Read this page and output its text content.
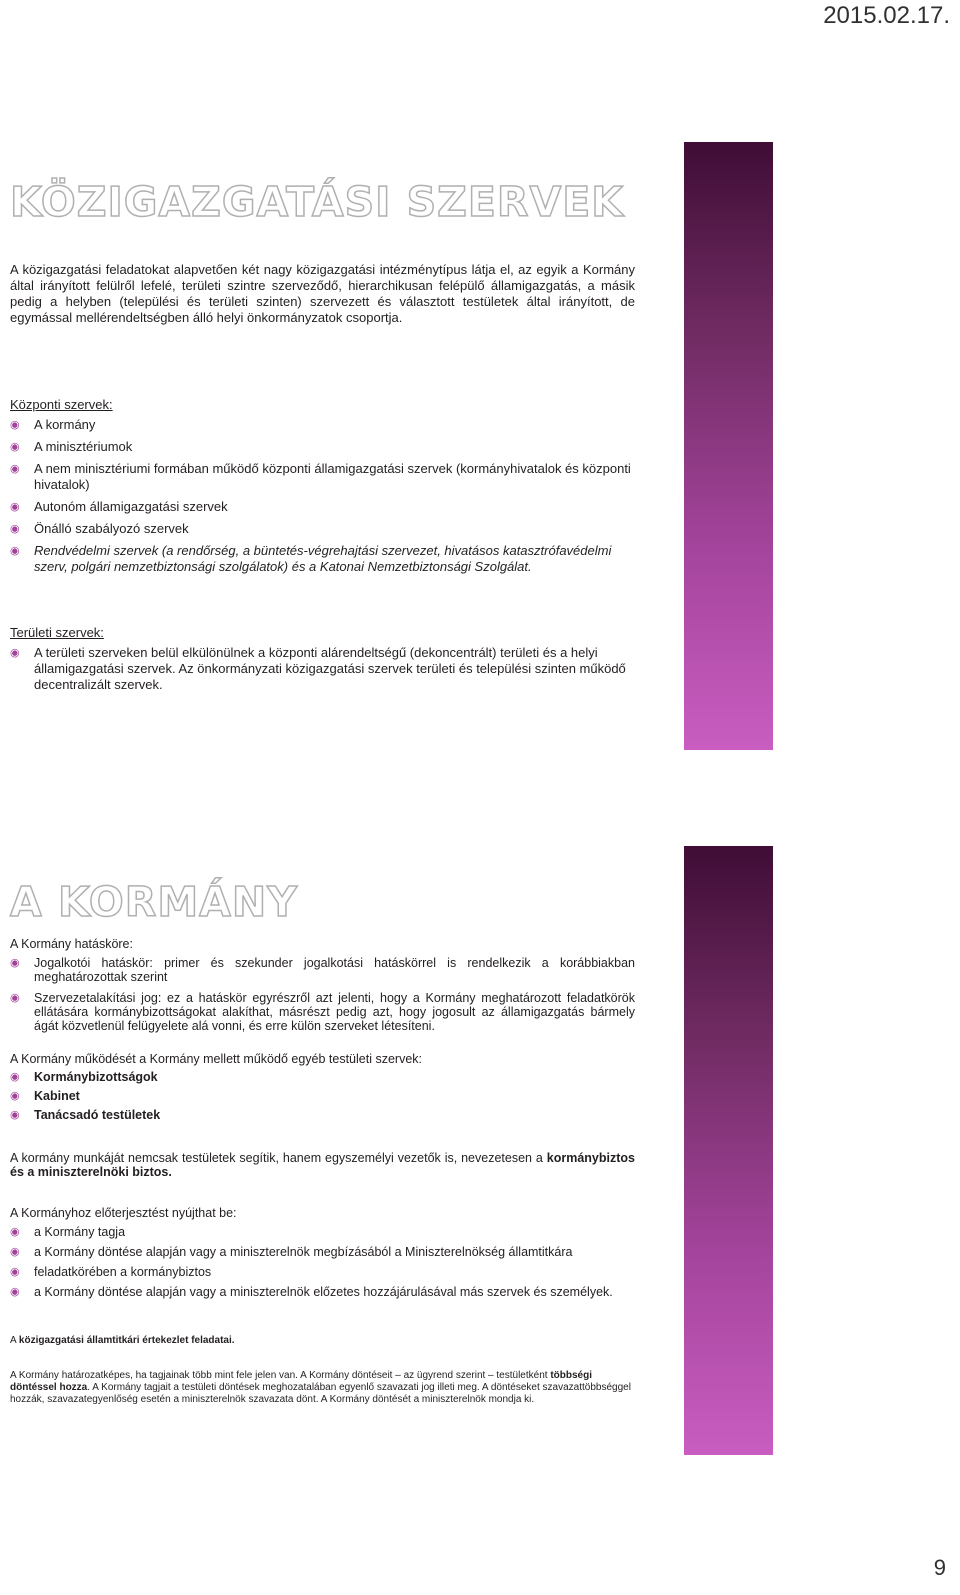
2015.02.17.
KÖZIGAZGATÁSI SZERVEK
A közigazgatási feladatokat alapvetően két nagy közigazgatási intézménytípus látja el, az egyik a Kormány által irányított felülről lefelé, területi szintre szerveződő, hierarchikusan felépülő államigazgatás, a másik pedig a helyben (települési és területi szinten) szervezett és választott testületek által irányított, de egymással mellérendeltségben álló helyi önkormányzatok csoportja.

Központi szervek:

◉ A kormány
◉ A minisztériumok
◉ A nem minisztériumi formában működő központi államigazgatási szervek (kormányhivatalok és központi hivatalok)
◉ Autonóm államigazgatási szervek
◉ Önálló szabályozó szervek
◉ Rendvédelmi szervek (a rendőrség, a büntetés-végrehajtási szervezet, hivatásos katasztrófavédelmi szerv, polgári nemzetbiztonsági szolgálatok) és a Katonai Nemzetbiztonsági Szolgálat.

Területi szervek:

◉ A területi szerveken belül elkülönülnek a központi alárendeltségű (dekoncentrált) területi és a helyi államigazgatási szervek. Az önkormányzati közigazgatási szervek területi és települési szinten működő decentralizált szervek.
A KORMÁNY

A Kormány hatásköre:

◉ Jogalkotói hatáskör: primer és szekunder jogalkotási hatáskörrel is rendelkezik a korábbiakban meghatározottak szerint
◉ Szervezetalakítási jog: ez a hatáskör egyrészről azt jelenti, hogy a Kormány meghatározott feladatkörök ellátására kormánybizottságokat alakíthat, másrészt pedig azt, hogy jogosult az államigazgatás bármely ágát közvetlenül felügyelete alá vonni, és erre külön szerveket létesíteni.

A Kormány működését a Kormány mellett működő egyéb testületi szervek:

◉ Kormánybizottságok
◉ Kabinet
◉ Tanácsadó testületek
A kormány munkáját nemcsak testületek segítik, hanem egyszemélyi vezetők is, nevezetesen a kormánybiztos és a miniszterelnöki biztos.

A Kormányhoz előterjesztést nyújthat be:

◉ a Kormány tagja
◉ a Kormány döntése alapján vagy a miniszterelnök megbízásából a Miniszterelnökség államtitkára
◉ feladatkörében a kormánybiztos
◉ a Kormány döntése alapján vagy a miniszterelnök előzetes hozzájárulásával más szervek és személyek.
A közigazgatási államtitkári értekezlet feladatai.
A Kormány határozatképes, ha tagjainak több mint fele jelen van. A Kormány döntéseit – az ügyrend szerint – testületként többségi döntéssel hozza. A Kormány tagjait a testületi döntések meghozatalában egyenlő szavazati jog illeti meg. A döntéseket szavazattöbbséggel hozzák, szavazategyenlőség esetén a miniszterelnök szavazata dönt. A Kormány döntését a miniszterelnök mondja ki.
9
